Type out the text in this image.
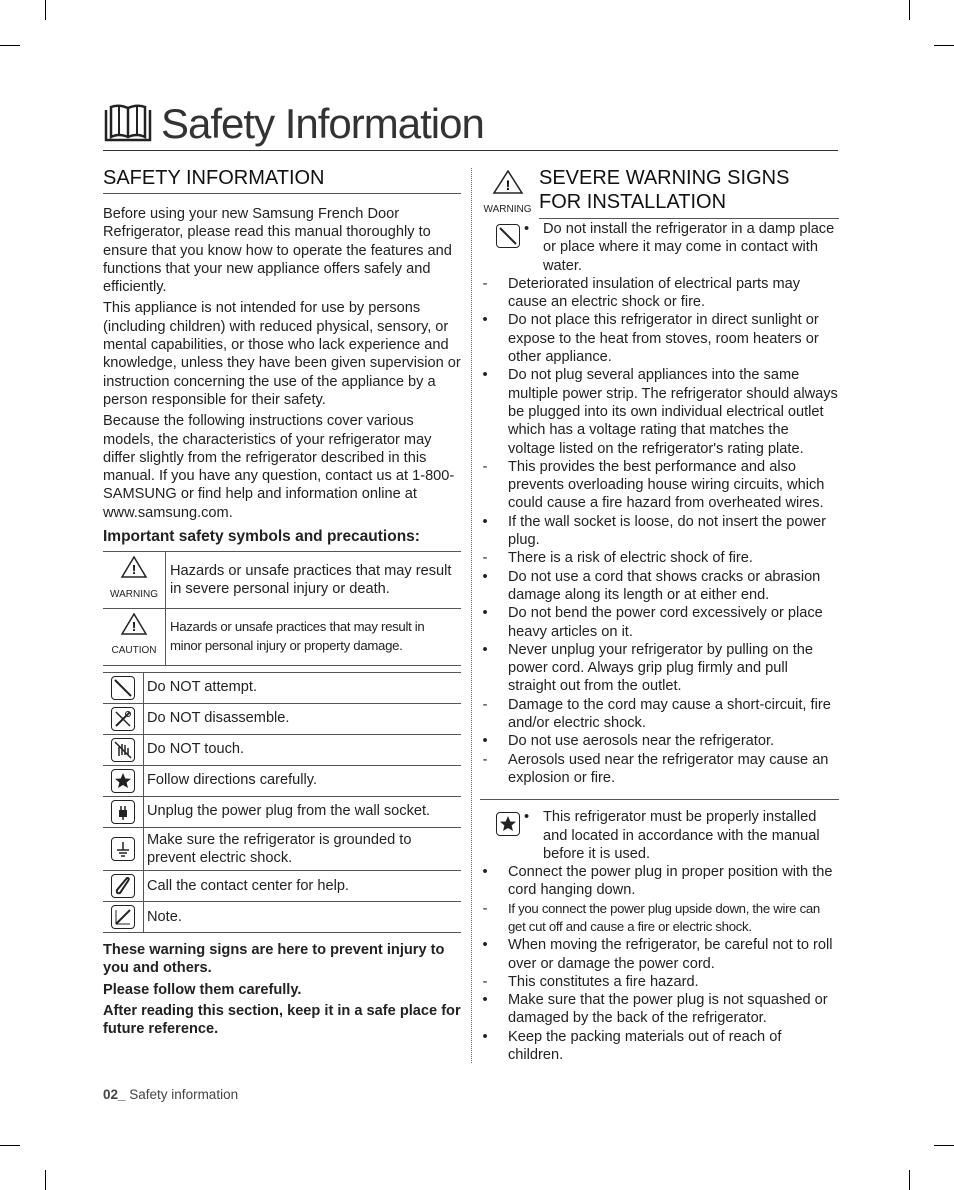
Safety Information
SAFETY INFORMATION

Before using your new Samsung French Door Refrigerator, please read this manual thoroughly to ensure that you know how to operate the features and functions that your new appliance offers safely and efficiently.

This appliance is not intended for use by persons (including children) with reduced physical, sensory, or mental capabilities, or those who lack experience and knowledge, unless they have been given supervision or instruction concerning the use of the appliance by a person responsible for their safety.

Because the following instructions cover various models, the characteristics of your refrigerator may differ slightly from the refrigerator described in this manual. If you have any question, contact us at 1-800-SAMSUNG or find help and information online at www.samsung.com.

Important safety symbols and precautions:

!

WARNING	Hazards or unsafe practices that may result in severe personal injury or death.

!

CAUTION	Hazards or unsafe practices that may result in minor personal injury or property damage.
	Do NOT attempt.

	Do NOT disassemble.

	Do NOT touch.

	Follow directions carefully.

	Unplug the power plug from the wall socket.

	Make sure the refrigerator is grounded to prevent electric shock.

	Call the contact center for help.

	Note.

These warning signs are here to prevent injury to you and others.

Please follow them carefully.

After reading this section, keep it in a safe place for future reference.

!

WARNING
SEVERE WARNING SIGNS
FOR INSTALLATION
• Do not install the refrigerator in a damp place or place where it may come in contact with water.
- Deteriorated insulation of electrical parts may cause an electric shock or fire.
• Do not place this refrigerator in direct sunlight or expose to the heat from stoves, room heaters or other appliance.
• Do not plug several appliances into the same multiple power strip. The refrigerator should always be plugged into its own individual electrical outlet which has a voltage rating that matches the voltage listed on the refrigerator's rating plate.
- This provides the best performance and also prevents overloading house wiring circuits, which could cause a fire hazard from overheated wires.
• If the wall socket is loose, do not insert the power plug.
- There is a risk of electric shock of fire.
• Do not use a cord that shows cracks or abrasion damage along its length or at either end.
• Do not bend the power cord excessively or place heavy articles on it.
• Never unplug your refrigerator by pulling on the power cord. Always grip plug firmly and pull straight out from the outlet.
- Damage to the cord may cause a short-circuit, fire and/or electric shock.
• Do not use aerosols near the refrigerator.
- Aerosols used near the refrigerator may cause an explosion or fire.
• This refrigerator must be properly installed and located in accordance with the manual before it is used.
• Connect the power plug in proper position with the cord hanging down.
- If you connect the power plug upside down, the wire can get cut off and cause a fire or electric shock.
• When moving the refrigerator, be careful not to roll over or damage the power cord.
- This constitutes a fire hazard.
• Make sure that the power plug is not squashed or damaged by the back of the refrigerator.
• Keep the packing materials out of reach of children.
02_ Safety information
